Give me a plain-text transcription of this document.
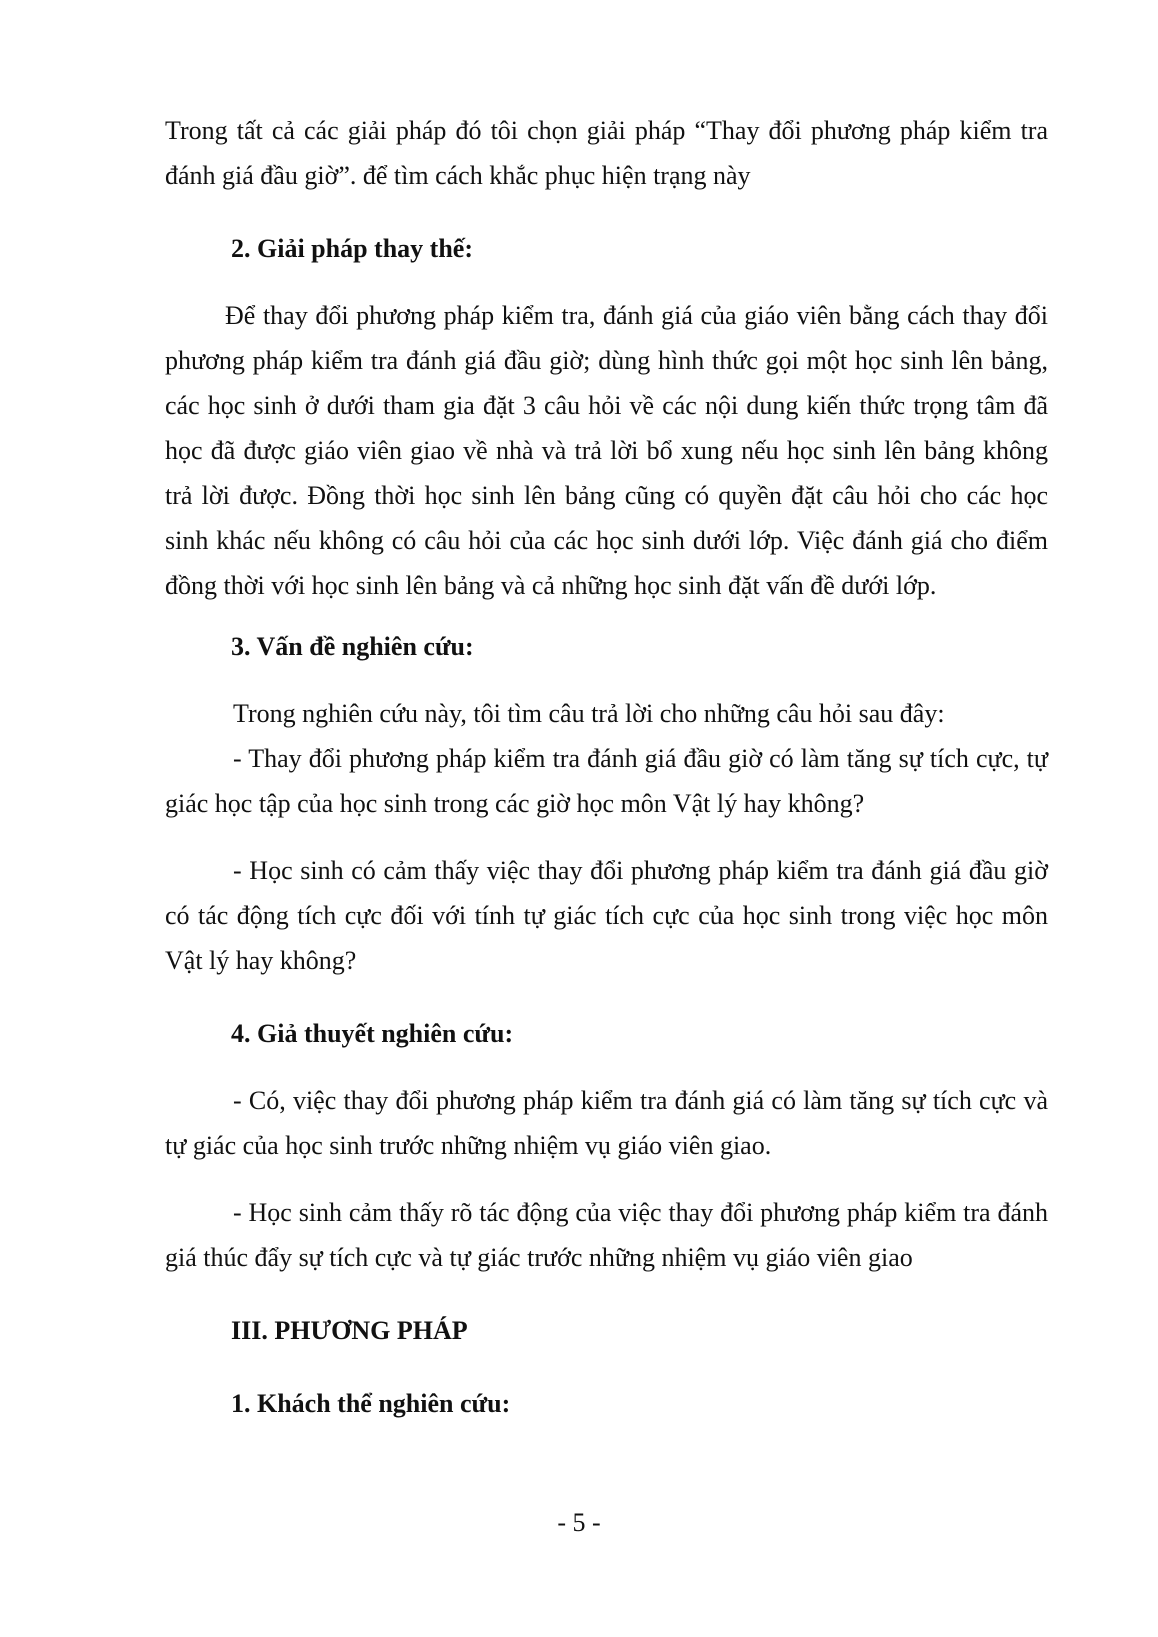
Trong tất cả các giải pháp đó tôi chọn giải pháp “Thay đổi phương pháp kiểm tra đánh giá đầu giờ”. để tìm cách khắc phục hiện trạng này

2. Giải pháp thay thế:

Để thay đổi phương pháp kiểm tra, đánh giá của giáo viên bằng cách thay đổi phương pháp kiểm tra đánh giá đầu giờ; dùng hình thức gọi một học sinh lên bảng, các học sinh ở dưới tham gia đặt 3 câu hỏi về các nội dung kiến thức trọng tâm đã học đã được giáo viên giao về nhà và trả lời bổ xung nếu học sinh lên bảng không trả lời được. Đồng thời học sinh lên bảng cũng có quyền đặt câu hỏi cho các học sinh khác nếu không có câu hỏi của các học sinh dưới lớp. Việc đánh giá cho điểm đồng thời với học sinh lên bảng và cả những học sinh đặt vấn đề dưới lớp.

3. Vấn đề nghiên cứu:

Trong nghiên cứu này, tôi tìm câu trả lời cho những câu hỏi sau đây:

- Thay đổi phương pháp kiểm tra đánh giá đầu giờ có làm tăng sự tích cực, tự giác học tập của học sinh trong các giờ học môn Vật lý hay không?

- Học sinh có cảm thấy việc thay đổi phương pháp kiểm tra đánh giá đầu giờ có tác động tích cực đối với tính tự giác tích cực của học sinh trong việc học môn Vật lý hay không?

4. Giả thuyết nghiên cứu:

- Có, việc thay đổi phương pháp kiểm tra đánh giá có làm tăng sự tích cực và tự giác của học sinh trước những nhiệm vụ giáo viên giao.

- Học sinh cảm thấy rõ tác động của việc thay đổi phương pháp kiểm tra đánh giá thúc đẩy sự tích cực và tự giác trước những nhiệm vụ giáo viên giao

III. PHƯƠNG PHÁP

1. Khách thể nghiên cứu:

- 5 -
